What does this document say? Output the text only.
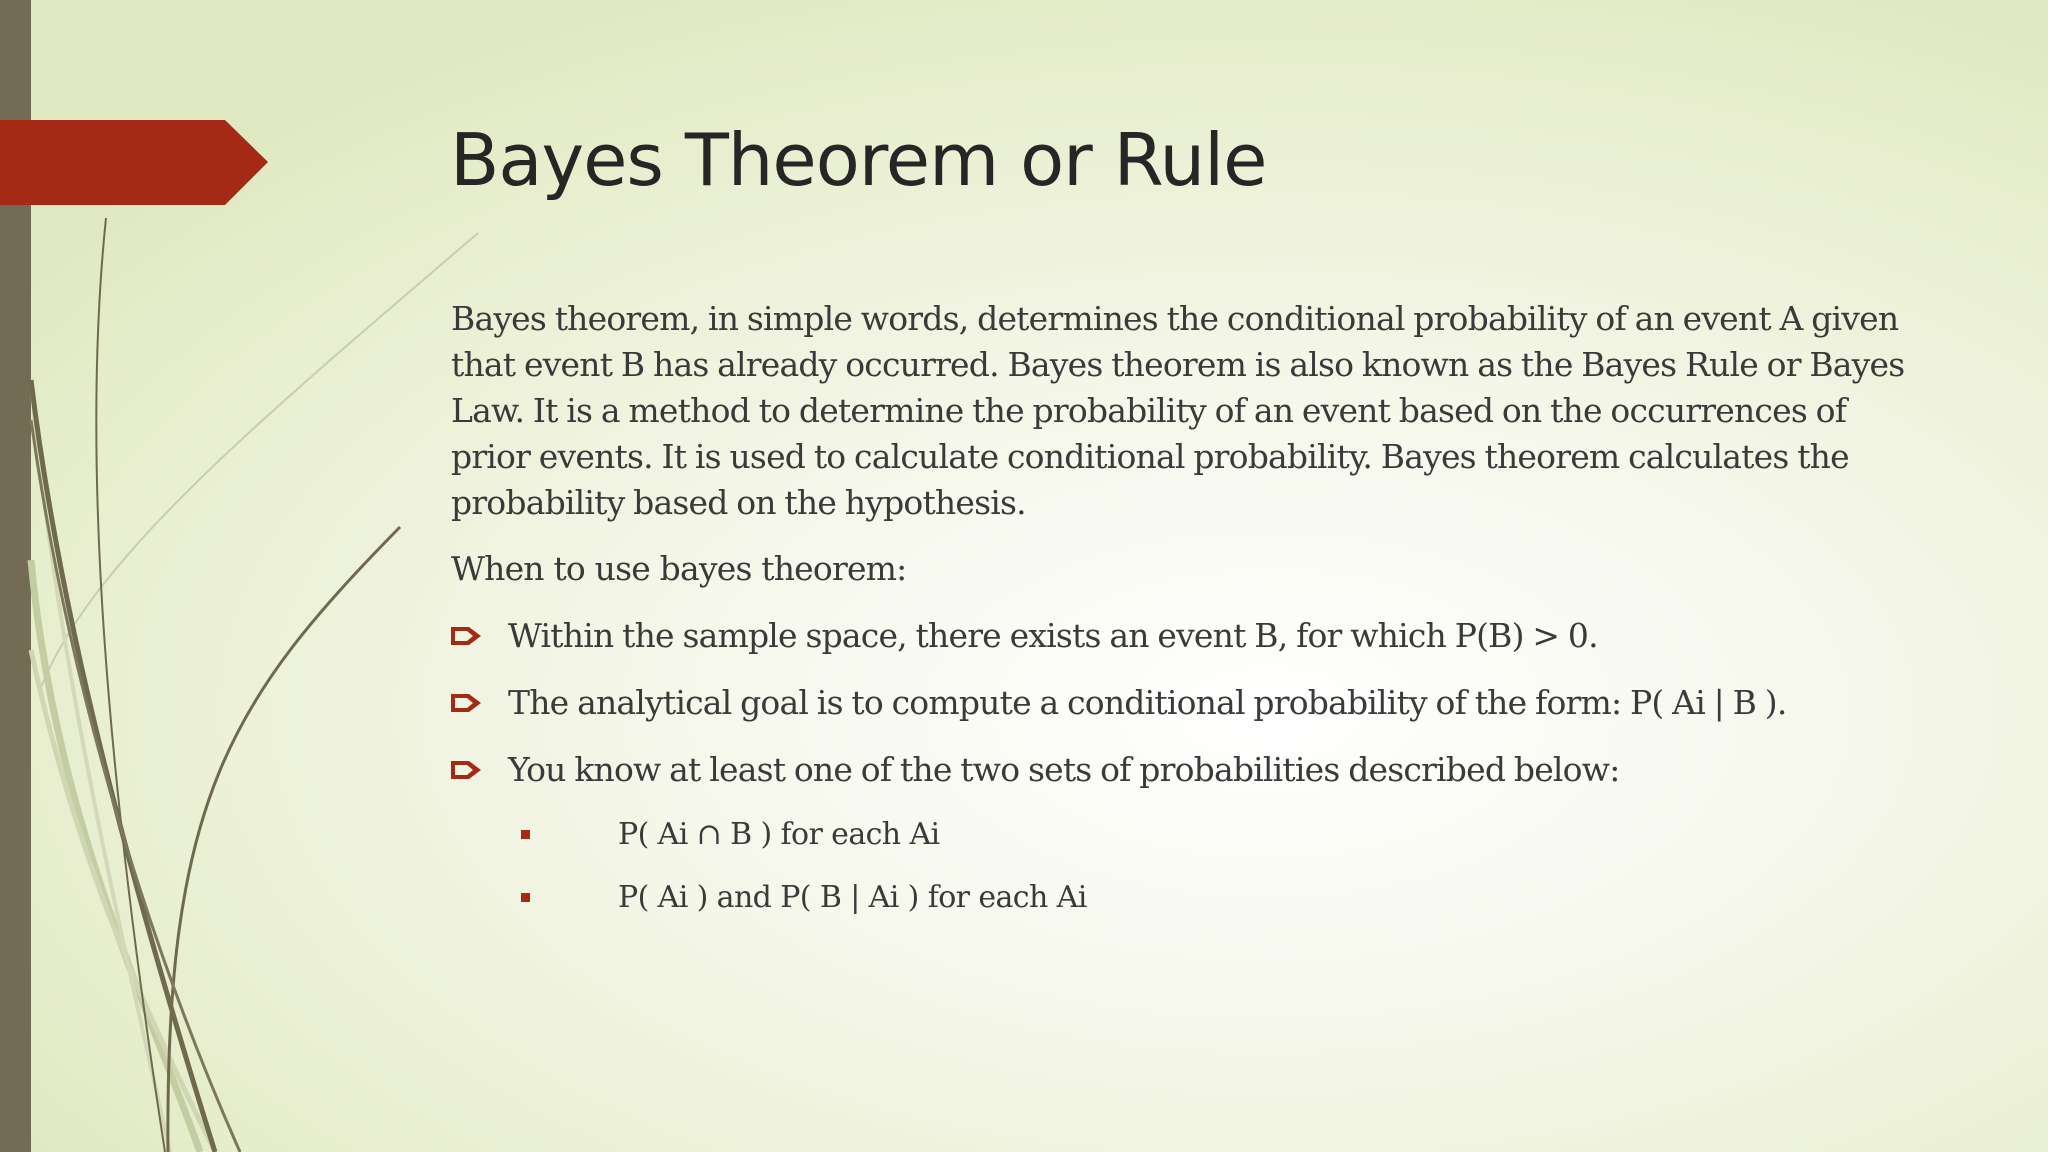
Bayes Theorem or Rule

Bayes theorem, in simple words, determines the conditional probability of an event A given that event B has already occurred. Bayes theorem is also known as the Bayes Rule or Bayes Law. It is a method to determine the probability of an event based on the occurrences of prior events. It is used to calculate conditional probability. Bayes theorem calculates the probability based on the hypothesis.

When to use bayes theorem:

Within the sample space, there exists an event B, for which P(B) > 0.
The analytical goal is to compute a conditional probability of the form: P( Ai | B ).
You know at least one of the two sets of probabilities described below:
P( Ai ∩ B ) for each Ai
P( Ai ) and P( B | Ai ) for each Ai
